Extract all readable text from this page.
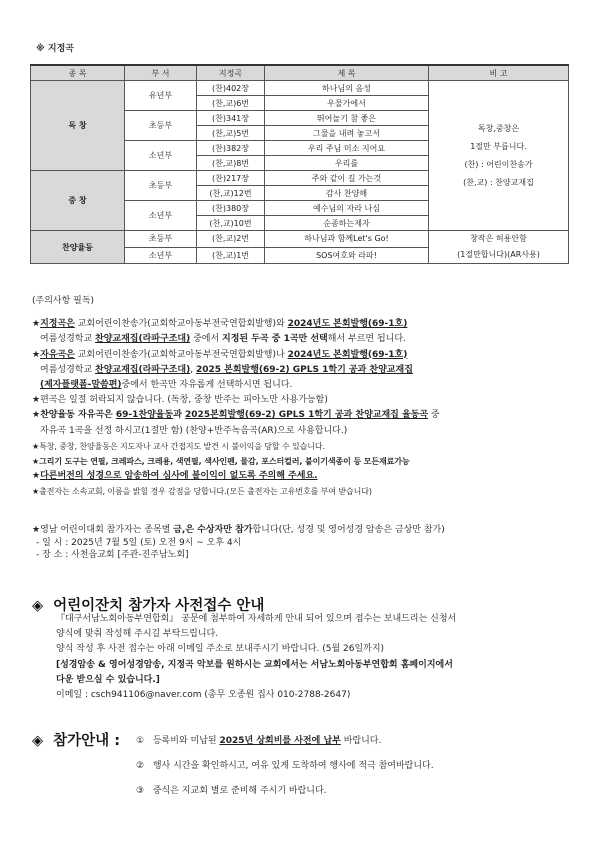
※ 지정곡
종 목	부 서	지정곡	제 목	비 고
독 창	유년부	(찬)402장	하나님의 음성	독창,중창은
1절만 부릅니다.
(찬) : 어린이찬송가
(찬,교) : 찬양교재집

		(찬,교)6번	우물가에서	
	초등부	(찬)341장	뛰어놀기 참 좋은	
		(찬,교)5번	그물을 내려 놓고서	
	소년부	(찬)382장	우리 주님 미소 지어요	
		(찬,교)8번	우리를	
중 창	초등부	(찬)217장	주와 같이 길 가는것	
		(찬,교)12번	감사 찬양해	
	소년부	(찬)380장	예수님의 자라 나심	
		(찬,교)10번	순종하는제자	
찬양율동	초등부	(찬,교)2번	하나님과 함께Let's Go!	창작은 허용안함
(1절만합니다)(AR사용)

	소년부	(찬,교)1번	SOS여호와 라파!	

(주의사항 필독)

★지정곡은 교회어린이찬송가(교회학교아동부전국연합회발행)와 2024년도 본회발행(69-1호)

여름성경학교 찬양교재집(라파구조대) 중에서 지정된 두곡 중 1곡만 선택해서 부르면 됩니다.

★자유곡은 교회어린이찬송가(교회학교아동부전국연합회발행)나 2024년도 본회발행(69-1호)

여름성경학교 찬양교재집(라파구조대), 2025 본회발행(69-2) GPLS 1학기 공과 찬양교재집

(제자플랫폼-말씀편)중에서 한곡만 자유롭게 선택하시면 됩니다.

★편곡은 일절 허락되지 않습니다. (독창, 중창 반주는 피아노만 사용가능함)

★찬양율동 자유곡은 69-1찬양율동과 2025본회발행(69-2) GPLS 1학기 공과 찬양교재집 율동곡 중

자유곡 1곡을 선정 하시고(1절만 함) (찬양+반주녹음곡(AR)으로 사용합니다.)

★특창, 중창, 찬양율동은 지도자나 교사 간접지도 발견 시 불이익을 당할 수 있습니다.

★그리기 도구는 연필, 크레파스, 크레용, 색연필, 색사인펜, 물감, 포스터컬러, 붙이기색종이 등 모든재료가능

★다른버전의 성경으로 암송하여 심사에 불이익이 없도록 주의해 주세요.

★출전자는 소속교회, 이름을 밝힐 경우 감점을 당합니다.(모든 출전자는 고유번호를 부여 받습니다)

★영남 어린이대회 참가자는 종목별 금,은 수상자만 참가합니다(단, 성경 및 영어성경 암송은 금상만 참가)

- 일 시 : 2025년 7월 5일 (토) 오전 9시 ~ 오후 4시

- 장 소 : 사천읍교회 [주관-진주남노회]

◈ 어린이잔치 참가자 사전접수 안내

『대구서남노회아동부연합회』 공문에 첨부하여 자세하게 안내 되어 있으며 접수는 보내드리는 신청서

양식에 맞춰 작성해 주시길 부탁드립니다.

양식 작성 후 사전 접수는 아래 이메일 주소로 보내주시기 바랍니다. (5월 26일까지)

[성경암송 & 영어성경암송, 지정곡 악보를 원하시는 교회에서는 서남노회아동부연합회 홈페이지에서

다운 받으실 수 있습니다.]

이메일 : csch941106@naver.com (총무 오종원 집사 010-2788-2647)

◈ 참가안내 : ① 등록비와 미납된 2025년 상회비를 사전에 납부 바랍니다.

② 행사 시간을 확인하시고, 여유 있게 도착하여 행사에 적극 참여바랍니다.

③ 중식은 지교회 별로 준비해 주시기 바랍니다.
